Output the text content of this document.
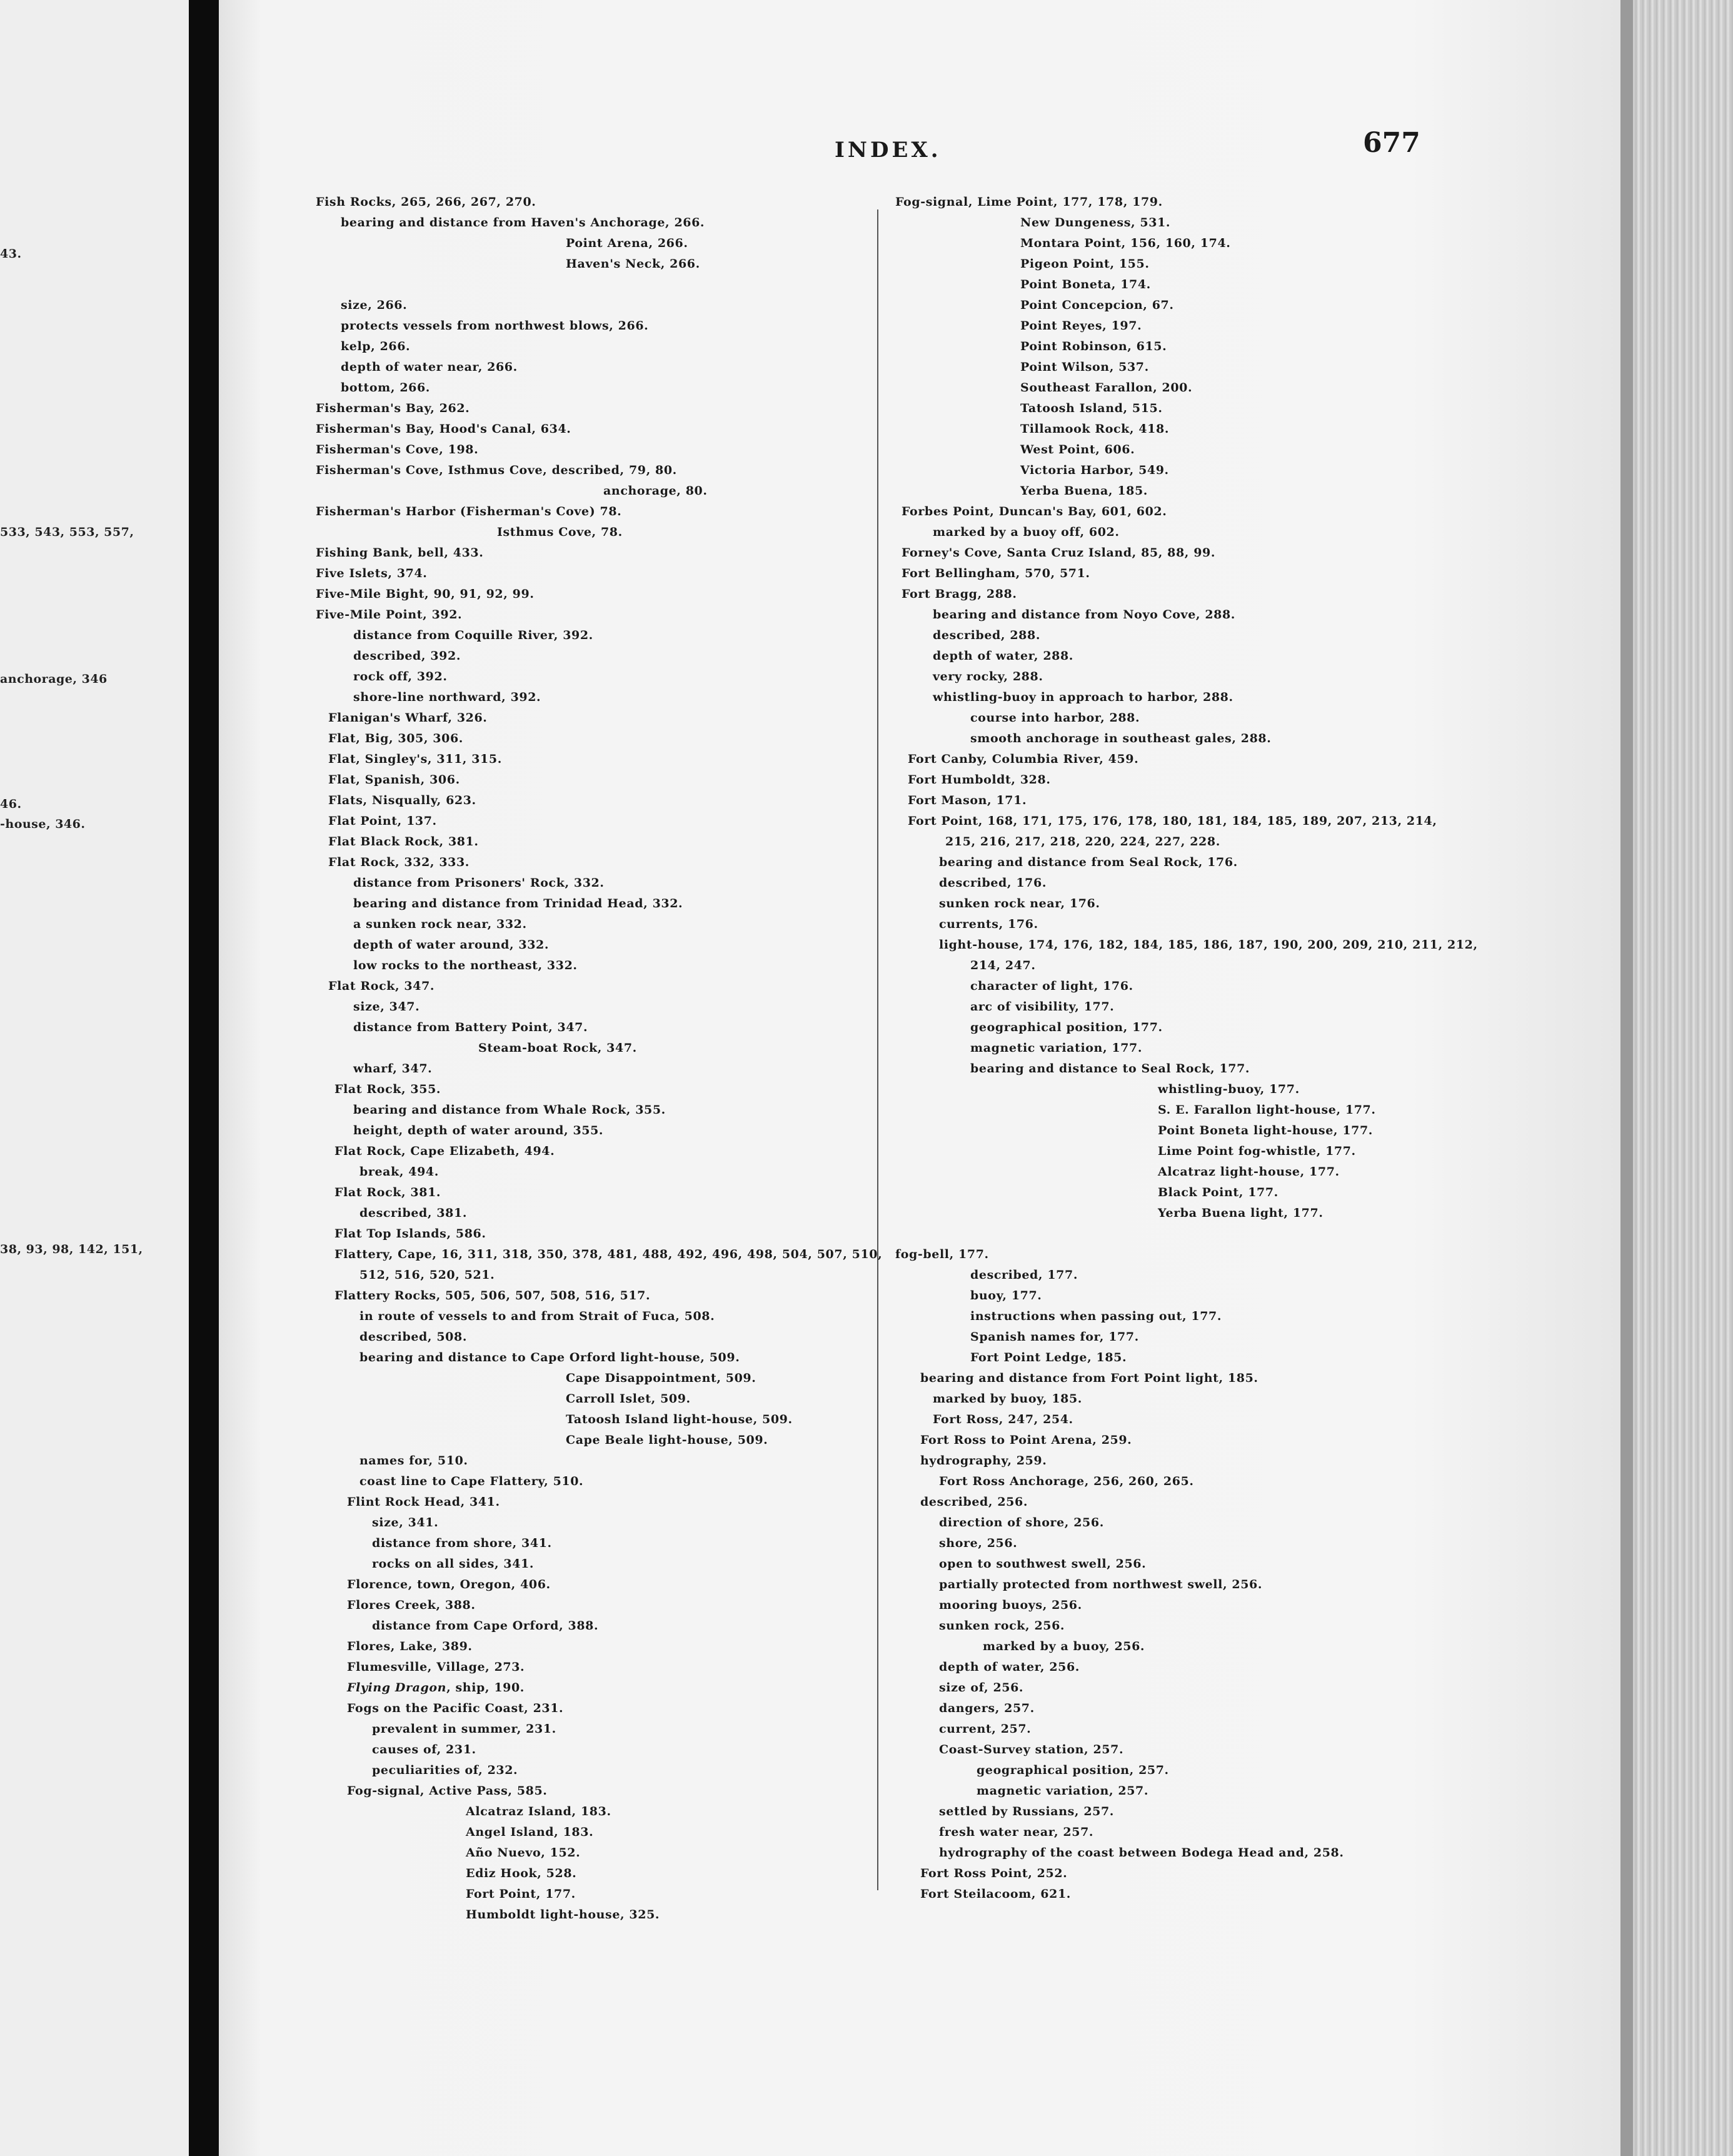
43.
533, 543, 553, 557,
anchorage, 346
46.
-house, 346.
38, 93, 98, 142, 151,
INDEX.	677
Fish Rocks, 265, 266, 267, 270.
bearing and distance from Haven's Anchorage, 266.
Point Arena, 266.
Haven's Neck, 266.
size, 266.
protects vessels from northwest blows, 266.
kelp, 266.
depth of water near, 266.
bottom, 266.
Fisherman's Bay, 262.
Fisherman's Bay, Hood's Canal, 634.
Fisherman's Cove, 198.
Fisherman's Cove, Isthmus Cove, described, 79, 80.
anchorage, 80.
Fisherman's Harbor (Fisherman's Cove) 78.
Isthmus Cove, 78.
Fishing Bank, bell, 433.
Five Islets, 374.
Five-Mile Bight, 90, 91, 92, 99.
Five-Mile Point, 392.
distance from Coquille River, 392.
described, 392.
rock off, 392.
shore-line northward, 392.
Flanigan's Wharf, 326.
Flat, Big, 305, 306.
Flat, Singley's, 311, 315.
Flat, Spanish, 306.
Flats, Nisqually, 623.
Flat Point, 137.
Flat Black Rock, 381.
Flat Rock, 332, 333.
distance from Prisoners' Rock, 332.
bearing and distance from Trinidad Head, 332.
a sunken rock near, 332.
depth of water around, 332.
low rocks to the northeast, 332.
Flat Rock, 347.
size, 347.
distance from Battery Point, 347.
Steam-boat Rock, 347.
wharf, 347.
Flat Rock, 355.
bearing and distance from Whale Rock, 355.
height, depth of water around, 355.
Flat Rock, Cape Elizabeth, 494.
break, 494.
Flat Rock, 381.
described, 381.
Flat Top Islands, 586.
Flattery, Cape, 16, 311, 318, 350, 378, 481, 488, 492, 496, 498, 504, 507, 510,
512, 516, 520, 521.
Flattery Rocks, 505, 506, 507, 508, 516, 517.
in route of vessels to and from Strait of Fuca, 508.
described, 508.
bearing and distance to Cape Orford light-house, 509.
Cape Disappointment, 509.
Carroll Islet, 509.
Tatoosh Island light-house, 509.
Cape Beale light-house, 509.
names for, 510.
coast line to Cape Flattery, 510.
Flint Rock Head, 341.
size, 341.
distance from shore, 341.
rocks on all sides, 341.
Florence, town, Oregon, 406.
Flores Creek, 388.
distance from Cape Orford, 388.
Flores, Lake, 389.
Flumesville, Village, 273.
Flying Dragon, ship, 190.
Fogs on the Pacific Coast, 231.
prevalent in summer, 231.
causes of, 231.
peculiarities of, 232.
Fog-signal, Active Pass, 585.
Alcatraz Island, 183.
Angel Island, 183.
Año Nuevo, 152.
Ediz Hook, 528.
Fort Point, 177.
Humboldt light-house, 325.
Fog-signal, Lime Point, 177, 178, 179.
New Dungeness, 531.
Montara Point, 156, 160, 174.
Pigeon Point, 155.
Point Boneta, 174.
Point Concepcion, 67.
Point Reyes, 197.
Point Robinson, 615.
Point Wilson, 537.
Southeast Farallon, 200.
Tatoosh Island, 515.
Tillamook Rock, 418.
West Point, 606.
Victoria Harbor, 549.
Yerba Buena, 185.
Forbes Point, Duncan's Bay, 601, 602.
marked by a buoy off, 602.
Forney's Cove, Santa Cruz Island, 85, 88, 99.
Fort Bellingham, 570, 571.
Fort Bragg, 288.
bearing and distance from Noyo Cove, 288.
described, 288.
depth of water, 288.
very rocky, 288.
whistling-buoy in approach to harbor, 288.
course into harbor, 288.
smooth anchorage in southeast gales, 288.
Fort Canby, Columbia River, 459.
Fort Humboldt, 328.
Fort Mason, 171.
Fort Point, 168, 171, 175, 176, 178, 180, 181, 184, 185, 189, 207, 213, 214,
215, 216, 217, 218, 220, 224, 227, 228.
bearing and distance from Seal Rock, 176.
described, 176.
sunken rock near, 176.
currents, 176.
light-house, 174, 176, 182, 184, 185, 186, 187, 190, 200, 209, 210, 211, 212,
214, 247.
character of light, 176.
arc of visibility, 177.
geographical position, 177.
magnetic variation, 177.
bearing and distance to Seal Rock, 177.
whistling-buoy, 177.
S. E. Farallon light-house, 177.
Point Boneta light-house, 177.
Lime Point fog-whistle, 177.
Alcatraz light-house, 177.
Black Point, 177.
Yerba Buena light, 177.
fog-bell, 177.
described, 177.
buoy, 177.
instructions when passing out, 177.
Spanish names for, 177.
Fort Point Ledge, 185.
bearing and distance from Fort Point light, 185.
marked by buoy, 185.
Fort Ross, 247, 254.
Fort Ross to Point Arena, 259.
hydrography, 259.
Fort Ross Anchorage, 256, 260, 265.
described, 256.
direction of shore, 256.
shore, 256.
open to southwest swell, 256.
partially protected from northwest swell, 256.
mooring buoys, 256.
sunken rock, 256.
marked by a buoy, 256.
depth of water, 256.
size of, 256.
dangers, 257.
current, 257.
Coast-Survey station, 257.
geographical position, 257.
magnetic variation, 257.
settled by Russians, 257.
fresh water near, 257.
hydrography of the coast between Bodega Head and, 258.
Fort Ross Point, 252.
Fort Steilacoom, 621.
